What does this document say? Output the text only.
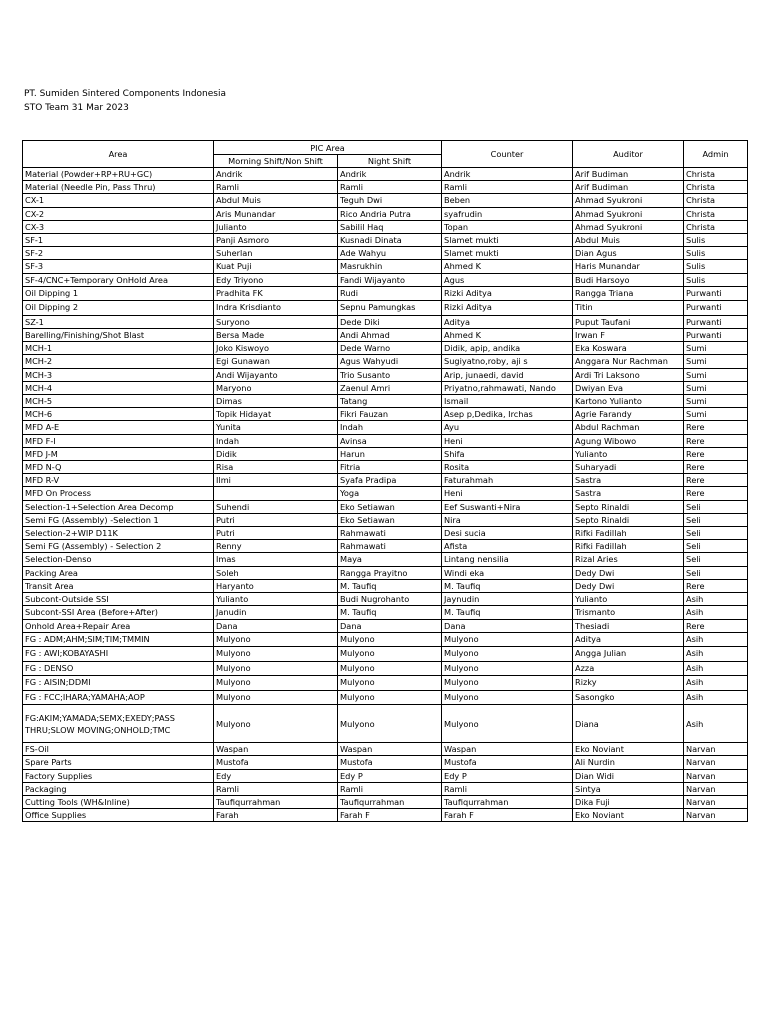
PT. Sumiden Sintered Components Indonesia
STO Team 31 Mar 2023
Area	PIC Area		Counter	Auditor	Admin
	Morning Shift/Non Shift	Night Shift			
Material (Powder+RP+RU+GC)	Andrik	Andrik	Andrik	Arif Budiman	Christa
Material (Needle Pin, Pass Thru)	Ramli	Ramli	Ramli	Arif Budiman	Christa
CX-1	Abdul Muis	Teguh Dwi	Beben	Ahmad Syukroni	Christa
CX-2	Aris Munandar	Rico Andria Putra	syafrudin	Ahmad Syukroni	Christa
CX-3	Julianto	Sabilil Haq	Topan	Ahmad Syukroni	Christa
SF-1	Panji Asmoro	Kusnadi Dinata	Slamet mukti	Abdul Muis	Sulis
SF-2	Suherlan	Ade Wahyu	Slamet mukti	Dian Agus	Sulis
SF-3	Kuat Puji	Masrukhin	Ahmed K	Haris Munandar	Sulis
SF-4/CNC+Temporary OnHold Area	Edy Triyono	Fandi Wijayanto	Agus	Budi Harsoyo	Sulis
Oil Dipping 1	Pradhita FK	Rudi	Rizki Aditya	Rangga Triana	Purwanti
Oil Dipping 2	Indra Krisdianto	Sepnu Pamungkas	Rizki Aditya	Titin	Purwanti
SZ-1	Suryono	Dede Diki	Aditya	Puput Taufani	Purwanti
Barelling/Finishing/Shot Blast	Bersa Made	Andi Ahmad	Ahmed K	Irwan F	Purwanti
MCH-1	Joko Kiswoyo	Dede Warno	Didik, apip, andika	Eka Koswara	Sumi
MCH-2	Egi Gunawan	Agus Wahyudi	Sugiyatno,roby, aji s	Anggara Nur Rachman	Sumi
MCH-3	Andi Wijayanto	Trio Susanto	Arip, junaedi, david	Ardi Tri Laksono	Sumi
MCH-4	Maryono	Zaenul Amri	Priyatno,rahmawati, Nando	Dwiyan Eva	Sumi
MCH-5	Dimas	Tatang	Ismail	Kartono Yulianto	Sumi
MCH-6	Topik Hidayat	Fikri Fauzan	Asep p,Dedika, Irchas	Agrie Farandy	Sumi
MFD A-E	Yunita	Indah	Ayu	Abdul Rachman	Rere
MFD F-I	Indah	Avinsa	Heni	Agung Wibowo	Rere
MFD J-M	Didik	Harun	Shifa	Yulianto	Rere
MFD N-Q	Risa	Fitria	Rosita	Suharyadi	Rere
MFD R-V	Ilmi	Syafa Pradipa	Faturahmah	Sastra	Rere
MFD On Process		Yoga	Heni	Sastra	Rere
Selection-1+Selection Area Decomp	Suhendi	Eko Setiawan	Eef Suswanti+Nira	Septo Rinaldi	Seli
Semi FG (Assembly) -Selection 1	Putri	Eko Setiawan	Nira	Septo Rinaldi	Seli
Selection-2+WIP D11K	Putri	Rahmawati	Desi sucia	Rifki Fadillah	Seli
Semi FG (Assembly) - Selection 2	Renny	Rahmawati	Afista	Rifki Fadillah	Seli
Selection-Denso	Imas	Maya	Lintang nensilia	Rizal Aries	Seli
Packing Area	Soleh	Rangga Prayitno	Windi eka	Dedy Dwi	Seli
Transit Area	Haryanto	M. Taufiq	M. Taufiq	Dedy Dwi	Rere
Subcont-Outside SSI	Yulianto	Budi Nugrohanto	Jaynudin	Yulianto	Asih
Subcont-SSI Area (Before+After)	Janudin	M. Taufiq	M. Taufiq	Trismanto	Asih
Onhold Area+Repair Area	Dana	Dana	Dana	Thesiadi	Rere
FG : ADM;AHM;SIM;TIM;TMMIN	Mulyono	Mulyono	Mulyono	Aditya	Asih
FG : AWI;KOBAYASHI	Mulyono	Mulyono	Mulyono	Angga Julian	Asih
FG : DENSO	Mulyono	Mulyono	Mulyono	Azza	Asih
FG : AISIN;DDMI	Mulyono	Mulyono	Mulyono	Rizky	Asih
FG : FCC;IHARA;YAMAHA;AOP	Mulyono	Mulyono	Mulyono	Sasongko	Asih
FG:AKIM;YAMADA;SEMX;EXEDY;PASS THRU;SLOW MOVING;ONHOLD;TMC	Mulyono	Mulyono	Mulyono	Diana	Asih
FS-Oil	Waspan	Waspan	Waspan	Eko Noviant	Narvan
Spare Parts	Mustofa	Mustofa	Mustofa	Ali Nurdin	Narvan
Factory Supplies	Edy	Edy P	Edy P	Dian Widi	Narvan
Packaging	Ramli	Ramli	Ramli	Sintya	Narvan
Cutting Tools (WH&Inline)	Taufiqurrahman	Taufiqurrahman	Taufiqurrahman	Dika Fuji	Narvan
Office Supplies	Farah	Farah F	Farah F	Eko Noviant	Narvan
